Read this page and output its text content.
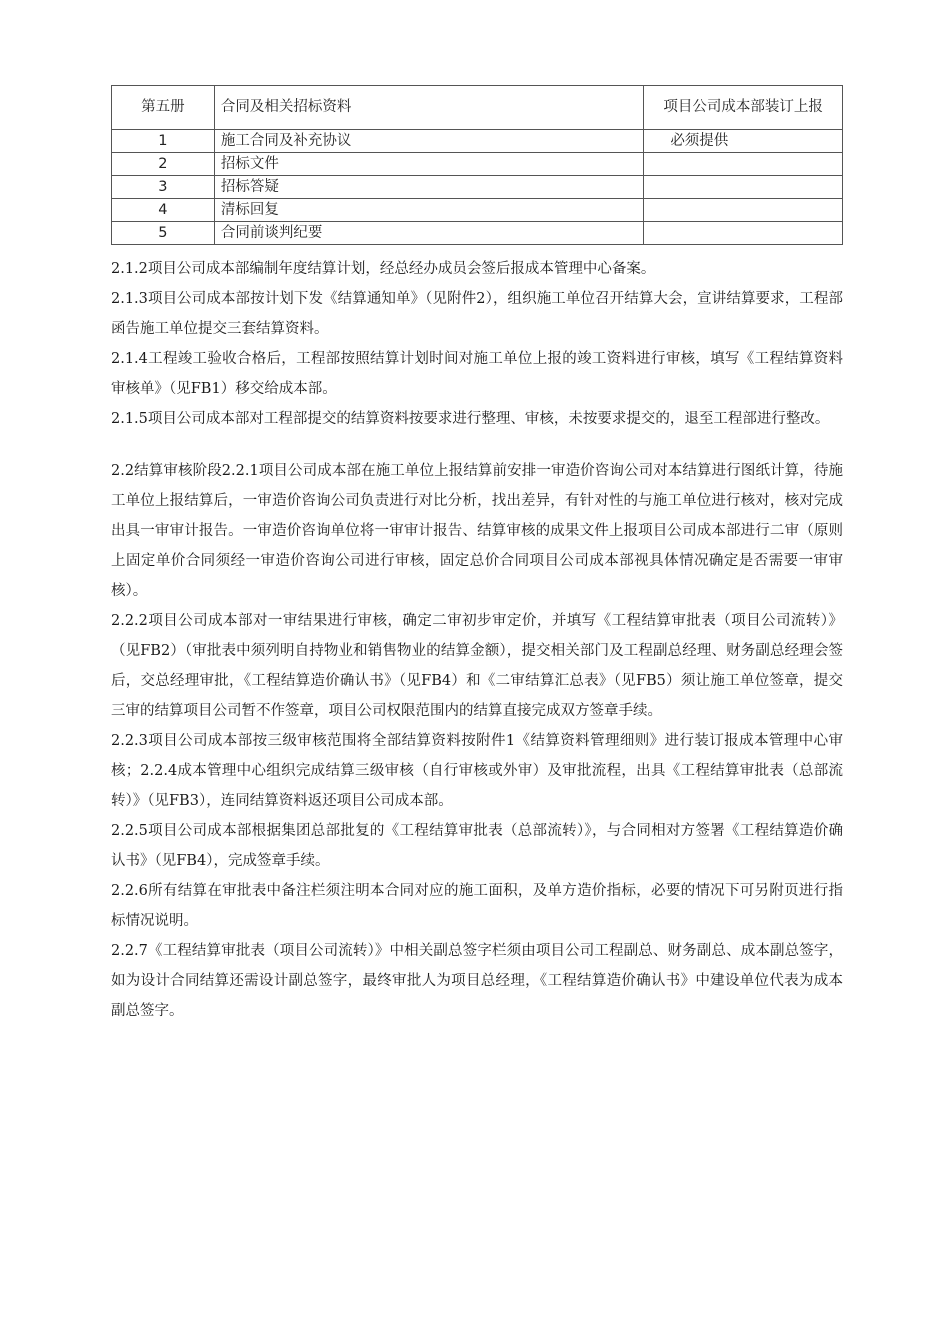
第五册	合同及相关招标资料	项目公司成本部装订上报
1	施工合同及补充协议	必须提供
2	招标文件	
3	招标答疑	
4	清标回复	
5	合同前谈判纪要	

2.1.2项目公司成本部编制年度结算计划，经总经办成员会签后报成本管理中心备案。

2.1.3项目公司成本部按计划下发《结算通知单》（见附件2），组织施工单位召开结算大会，宣讲结算要求，工程部函告施工单位提交三套结算资料。

2.1.4工程竣工验收合格后，工程部按照结算计划时间对施工单位上报的竣工资料进行审核，填写《工程结算资料审核单》（见FB1）移交给成本部。

2.1.5项目公司成本部对工程部提交的结算资料按要求进行整理、审核，未按要求提交的，退至工程部进行整改。

2.2结算审核阶段2.2.1项目公司成本部在施工单位上报结算前安排一审造价咨询公司对本结算进行图纸计算，待施工单位上报结算后，一审造价咨询公司负责进行对比分析，找出差异，有针对性的与施工单位进行核对，核对完成出具一审审计报告。一审造价咨询单位将一审审计报告、结算审核的成果文件上报项目公司成本部进行二审（原则上固定单价合同须经一审造价咨询公司进行审核，固定总价合同项目公司成本部视具体情况确定是否需要一审审核）。

2.2.2项目公司成本部对一审结果进行审核，确定二审初步审定价，并填写《工程结算审批表（项目公司流转）》（见FB2）（审批表中须列明自持物业和销售物业的结算金额），提交相关部门及工程副总经理、财务副总经理会签后，交总经理审批，《工程结算造价确认书》（见FB4）和《二审结算汇总表》（见FB5）须让施工单位签章，提交三审的结算项目公司暂不作签章，项目公司权限范围内的结算直接完成双方签章手续。

2.2.3项目公司成本部按三级审核范围将全部结算资料按附件1《结算资料管理细则》进行装订报成本管理中心审核；2.2.4成本管理中心组织完成结算三级审核（自行审核或外审）及审批流程，出具《工程结算审批表（总部流转）》（见FB3），连同结算资料返还项目公司成本部。

2.2.5项目公司成本部根据集团总部批复的《工程结算审批表（总部流转）》，与合同相对方签署《工程结算造价确认书》（见FB4），完成签章手续。

2.2.6所有结算在审批表中备注栏须注明本合同对应的施工面积，及单方造价指标，必要的情况下可另附页进行指标情况说明。

2.2.7《工程结算审批表（项目公司流转）》中相关副总签字栏须由项目公司工程副总、财务副总、成本副总签字，如为设计合同结算还需设计副总签字，最终审批人为项目总经理，《工程结算造价确认书》中建设单位代表为成本副总签字。
